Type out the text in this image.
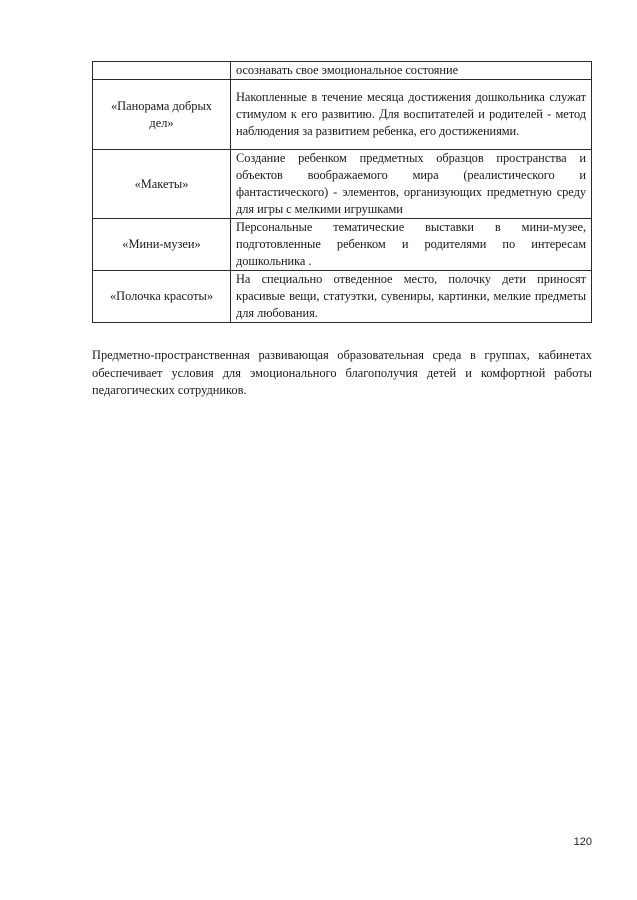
	осознавать свое эмоциональное состояние
«Панорама добрых дел»	Накопленные в течение месяца достижения дошкольника служат стимулом к его развитию. Для воспитателей и родителей - метод наблюдения за развитием ребенка, его достижениями.
«Макеты»	Создание ребенком предметных образцов пространства и объектов воображаемого мира (реалистического и фантастического) - элементов, организующих предметную среду для игры с мелкими игрушками
«Мини-музеи»	Персональные тематические выставки в мини-музее, подготовленные ребенком и родителями по интересам дошкольника .
«Полочка красоты»	На специально отведенное место, полочку дети приносят красивые вещи, статуэтки, сувениры, картинки, мелкие предметы для любования.

Предметно-пространственная развивающая образовательная среда в группах, кабинетах обеспечивает условия для эмоционального благополучия детей и комфортной работы педагогических сотрудников.

120
